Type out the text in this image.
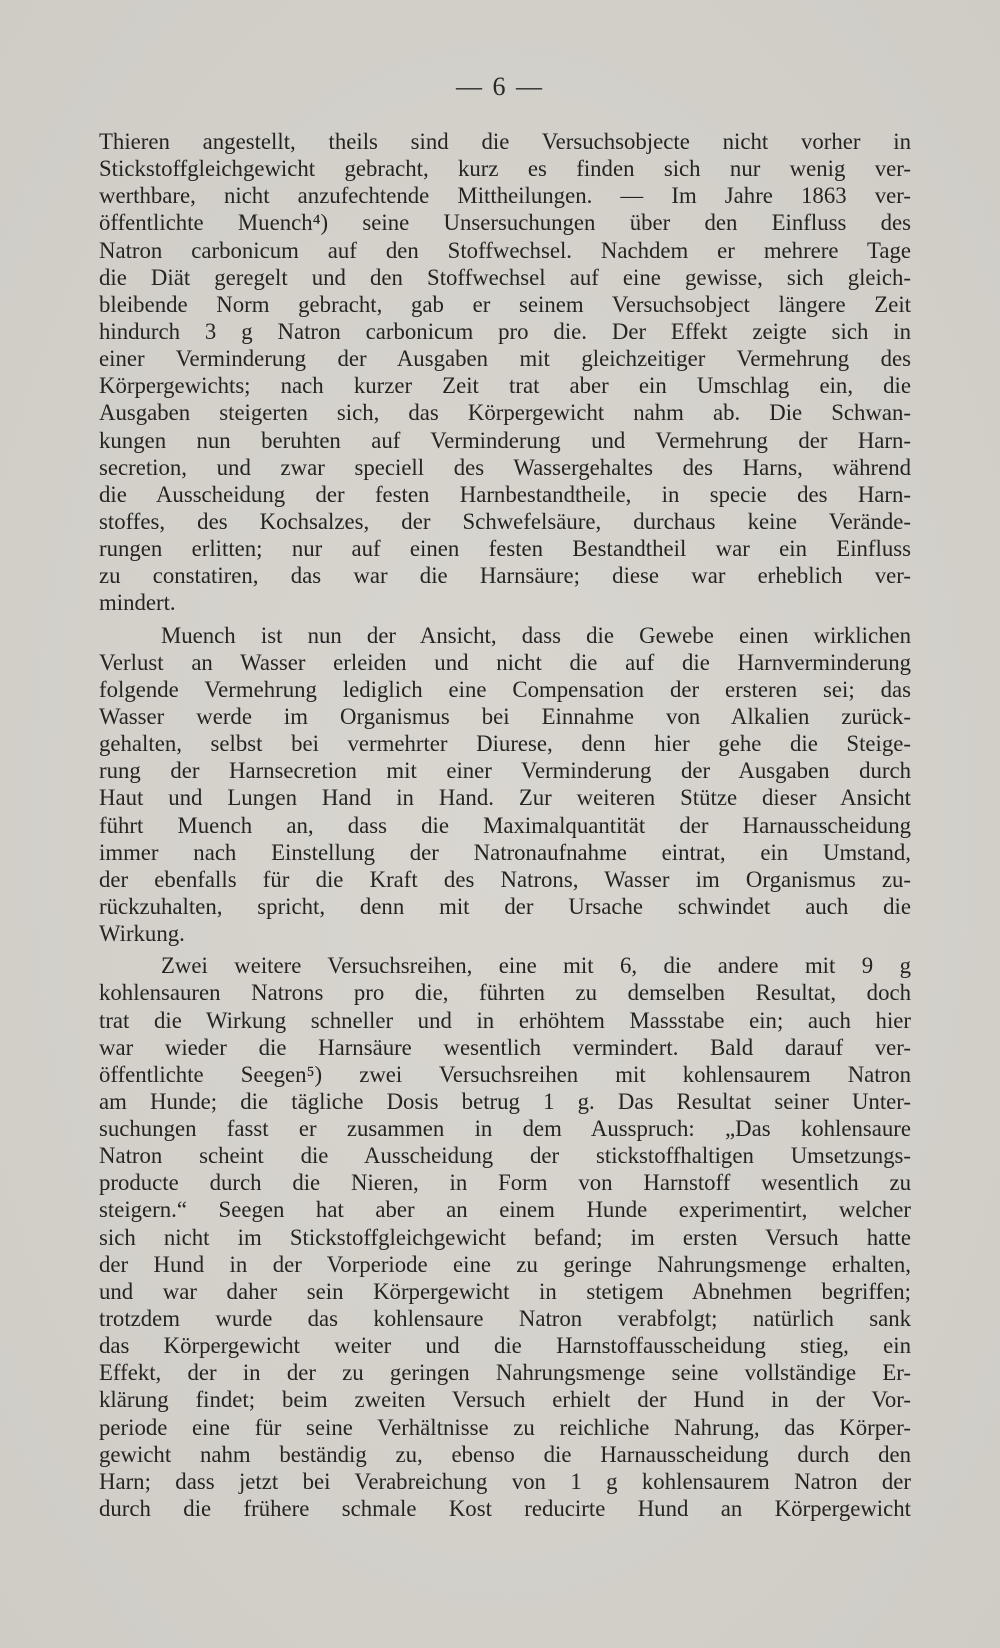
— 6 —
Thieren angestellt, theils sind die Versuchsobjecte nicht vorher in
Stickstoffgleichgewicht gebracht, kurz es finden sich nur wenig ver-
werthbare, nicht anzufechtende Mittheilungen. — Im Jahre 1863 ver-
öffentlichte Muench⁴) seine Unsersuchungen über den Einfluss des
Natron carbonicum auf den Stoffwechsel. Nachdem er mehrere Tage
die Diät geregelt und den Stoffwechsel auf eine gewisse, sich gleich-
bleibende Norm gebracht, gab er seinem Versuchsobject längere Zeit
hindurch 3 g Natron carbonicum pro die. Der Effekt zeigte sich in
einer Verminderung der Ausgaben mit gleichzeitiger Vermehrung des
Körpergewichts; nach kurzer Zeit trat aber ein Umschlag ein, die
Ausgaben steigerten sich, das Körpergewicht nahm ab. Die Schwan-
kungen nun beruhten auf Verminderung und Vermehrung der Harn-
secretion, und zwar speciell des Wassergehaltes des Harns, während
die Ausscheidung der festen Harnbestandtheile, in specie des Harn-
stoffes, des Kochsalzes, der Schwefelsäure, durchaus keine Verände-
rungen erlitten; nur auf einen festen Bestandtheil war ein Einfluss
zu constatiren, das war die Harnsäure; diese war erheblich ver-
mindert.
Muench ist nun der Ansicht, dass die Gewebe einen wirklichen
Verlust an Wasser erleiden und nicht die auf die Harnverminderung
folgende Vermehrung lediglich eine Compensation der ersteren sei; das
Wasser werde im Organismus bei Einnahme von Alkalien zurück-
gehalten, selbst bei vermehrter Diurese, denn hier gehe die Steige-
rung der Harnsecretion mit einer Verminderung der Ausgaben durch
Haut und Lungen Hand in Hand. Zur weiteren Stütze dieser Ansicht
führt Muench an, dass die Maximalquantität der Harnausscheidung
immer nach Einstellung der Natronaufnahme eintrat, ein Umstand,
der ebenfalls für die Kraft des Natrons, Wasser im Organismus zu-
rückzuhalten, spricht, denn mit der Ursache schwindet auch die
Wirkung.
Zwei weitere Versuchsreihen, eine mit 6, die andere mit 9 g
kohlensauren Natrons pro die, führten zu demselben Resultat, doch
trat die Wirkung schneller und in erhöhtem Massstabe ein; auch hier
war wieder die Harnsäure wesentlich vermindert. Bald darauf ver-
öffentlichte Seegen⁵) zwei Versuchsreihen mit kohlensaurem Natron
am Hunde; die tägliche Dosis betrug 1 g. Das Resultat seiner Unter-
suchungen fasst er zusammen in dem Ausspruch: „Das kohlensaure
Natron scheint die Ausscheidung der stickstoffhaltigen Umsetzungs-
producte durch die Nieren, in Form von Harnstoff wesentlich zu
steigern.“ Seegen hat aber an einem Hunde experimentirt, welcher
sich nicht im Stickstoffgleichgewicht befand; im ersten Versuch hatte
der Hund in der Vorperiode eine zu geringe Nahrungsmenge erhalten,
und war daher sein Körpergewicht in stetigem Abnehmen begriffen;
trotzdem wurde das kohlensaure Natron verabfolgt; natürlich sank
das Körpergewicht weiter und die Harnstoffausscheidung stieg, ein
Effekt, der in der zu geringen Nahrungsmenge seine vollständige Er-
klärung findet; beim zweiten Versuch erhielt der Hund in der Vor-
periode eine für seine Verhältnisse zu reichliche Nahrung, das Körper-
gewicht nahm beständig zu, ebenso die Harnausscheidung durch den
Harn; dass jetzt bei Verabreichung von 1 g kohlensaurem Natron der
durch die frühere schmale Kost reducirte Hund an Körpergewicht
